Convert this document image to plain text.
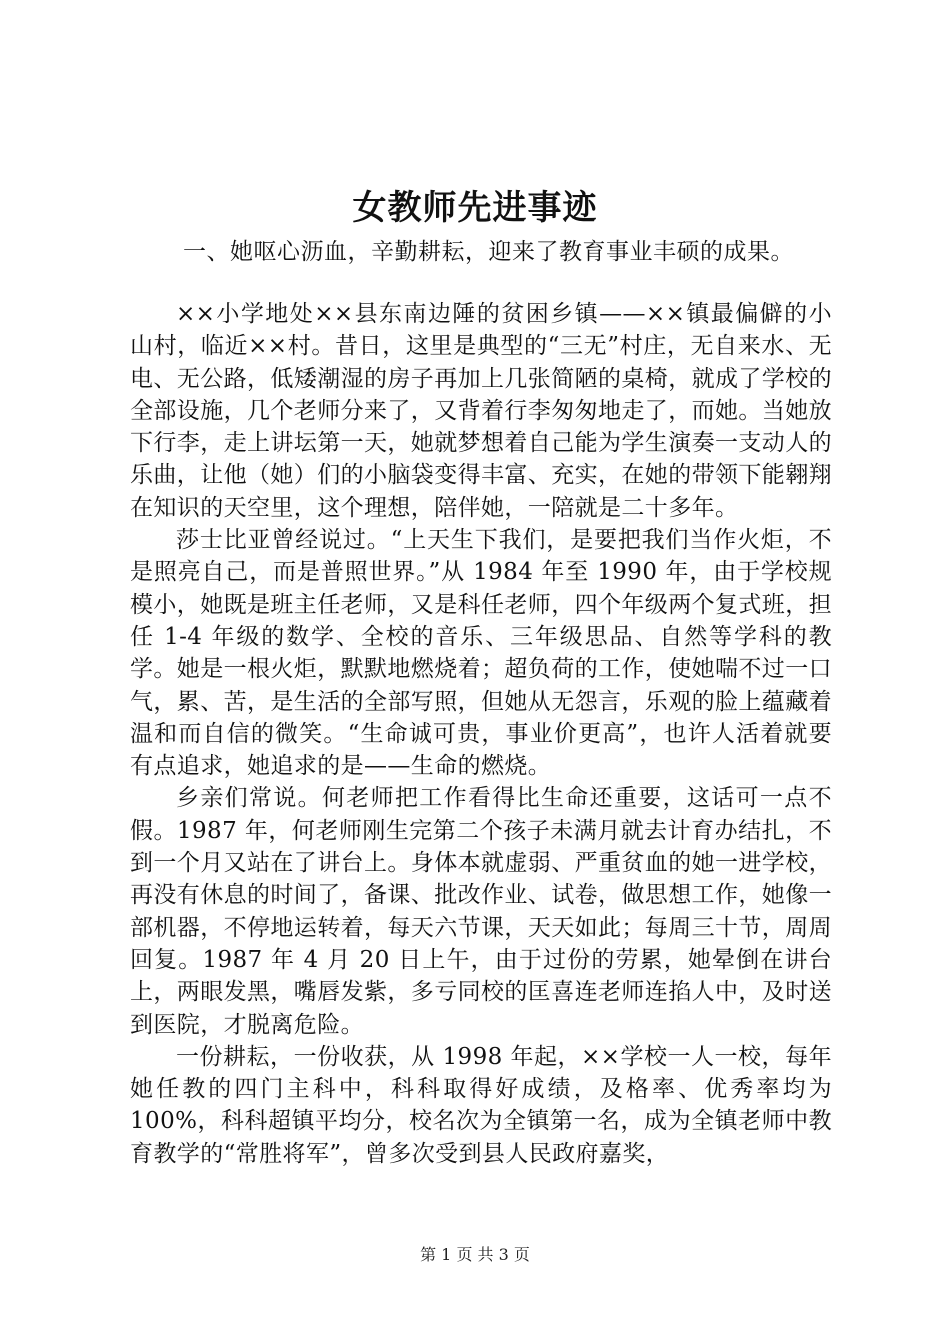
女教师先进事迹
一、她呕心沥血，辛勤耕耘，迎来了教育事业丰硕的成果。

××小学地处××县东南边陲的贫困乡镇——××镇最偏僻的小山村，临近××村。昔日，这里是典型的“三无”村庄，无自来水、无电、无公路，低矮潮湿的房子再加上几张简陋的桌椅，就成了学校的全部设施，几个老师分来了，又背着行李匆匆地走了，而她。当她放下行李，走上讲坛第一天，她就梦想着自己能为学生演奏一支动人的乐曲，让他（她）们的小脑袋变得丰富、充实，在她的带领下能翱翔在知识的天空里，这个理想，陪伴她，一陪就是二十多年。

莎士比亚曾经说过。“上天生下我们，是要把我们当作火炬，不是照亮自己，而是普照世界。”从 1984 年至 1990 年，由于学校规模小，她既是班主任老师，又是科任老师，四个年级两个复式班，担任 1-4 年级的数学、全校的音乐、三年级思品、自然等学科的教学。她是一根火炬，默默地燃烧着；超负荷的工作，使她喘不过一口气，累、苦，是生活的全部写照，但她从无怨言，乐观的脸上蕴藏着温和而自信的微笑。“生命诚可贵，事业价更高”，也许人活着就要有点追求，她追求的是——生命的燃烧。

乡亲们常说。何老师把工作看得比生命还重要，这话可一点不假。1987 年，何老师刚生完第二个孩子未满月就去计育办结扎，不到一个月又站在了讲台上。身体本就虚弱、严重贫血的她一进学校，再没有休息的时间了，备课、批改作业、试卷，做思想工作，她像一部机器，不停地运转着，每天六节课，天天如此；每周三十节，周周回复。1987 年 4 月 20 日上午，由于过份的劳累，她晕倒在讲台上，两眼发黑，嘴唇发紫，多亏同校的匡喜连老师连掐人中，及时送到医院，才脱离危险。

一份耕耘，一份收获，从 1998 年起，××学校一人一校，每年她任教的四门主科中，科科取得好成绩，及格率、优秀率均为 100%，科科超镇平均分，校名次为全镇第一名，成为全镇老师中教育教学的“常胜将军”，曾多次受到县人民政府嘉奖，

第 1 页 共 3 页
